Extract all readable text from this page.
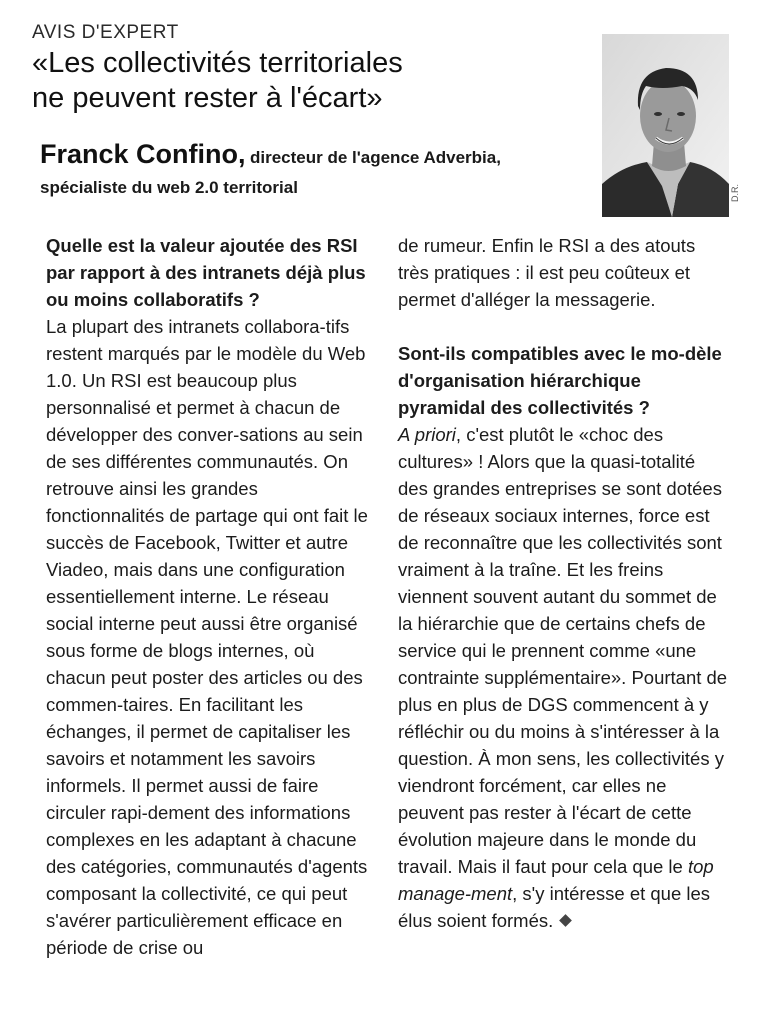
AVIS D'EXPERT
«Les collectivités territoriales
ne peuvent rester à l'écart»
Franck Confino, directeur de l'agence Adverbia,
spécialiste du web 2.0 territorial	D.R.

Quelle est la valeur ajoutée des RSI par rapport à des intranets déjà plus ou moins collaboratifs ?

La plupart des intranets collabora-tifs restent marqués par le modèle du Web 1.0. Un RSI est beaucoup plus personnalisé et permet à chacun de développer des conver-sations au sein de ses différentes communautés. On retrouve ainsi les grandes fonctionnalités de partage qui ont fait le succès de Facebook, Twitter et autre Viadeo, mais dans une configuration essentiellement interne. Le réseau social interne peut aussi être organisé sous forme de blogs internes, où chacun peut poster des articles ou des commen-taires. En facilitant les échanges, il permet de capitaliser les savoirs et notamment les savoirs informels. Il permet aussi de faire circuler rapi-dement des informations complexes en les adaptant à chacune des catégories, communautés d'agents composant la collectivité, ce qui peut s'avérer particulièrement efficace en période de crise ou

de rumeur. Enfin le RSI a des atouts très pratiques : il est peu coûteux et permet d'alléger la messagerie.

Sont-ils compatibles avec le mo-dèle d'organisation hiérarchique pyramidal des collectivités ?

A priori, c'est plutôt le «choc des cultures» ! Alors que la quasi-totalité des grandes entreprises se sont dotées de réseaux sociaux internes, force est de reconnaître que les collectivités sont vraiment à la traîne. Et les freins viennent souvent autant du sommet de la hiérarchie que de certains chefs de service qui le prennent comme «une contrainte supplémentaire». Pourtant de plus en plus de DGS commencent à y réfléchir ou du moins à s'intéresser à la question. À mon sens, les collectivités y viendront forcément, car elles ne peuvent pas rester à l'écart de cette évolution majeure dans le monde du travail. Mais il faut pour cela que le top manage-ment, s'y intéresse et que les élus soient formés.
